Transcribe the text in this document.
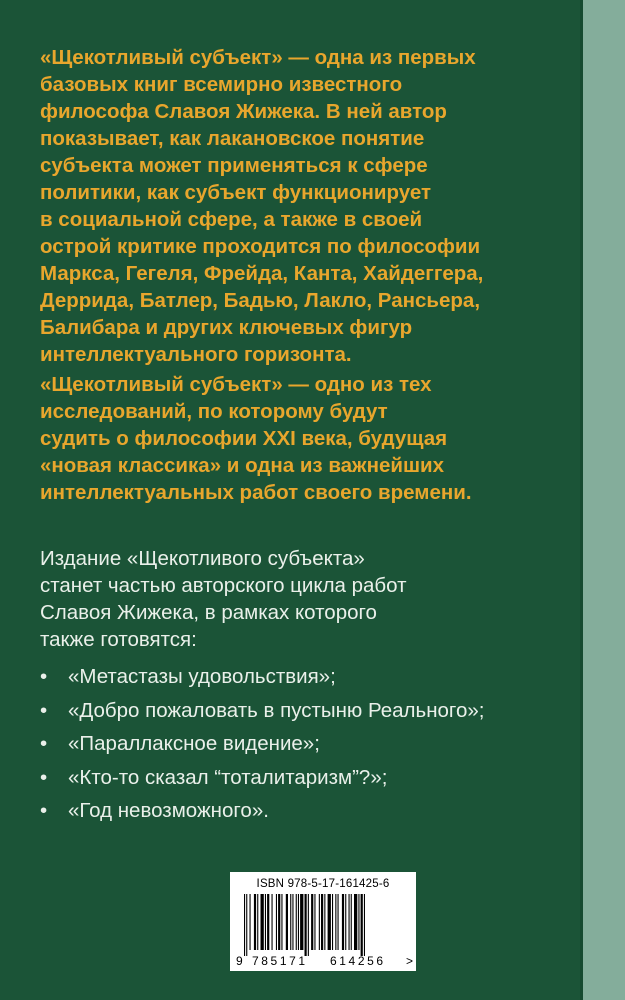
«Щекотливый субъект» — одна из первых
базовых книг всемирно известного
философа Славоя Жижека. В ней автор
показывает, как лакановское понятие
субъекта может применяться к сфере
политики, как субъект функционирует
в социальной сфере, а также в своей
острой критике проходится по философии
Маркса, Гегеля, Фрейда, Канта, Хайдеггера,
Деррида, Батлер, Бадью, Лакло, Рансьера,
Балибара и других ключевых фигур
интеллектуального горизонта.

«Щекотливый субъект» — одно из тех
исследований, по которому будут
судить о философии XXI века, будущая
«новая классика» и одна из важнейших
интеллектуальных работ своего времени.

Издание «Щекотливого субъекта»
станет частью авторского цикла работ
Славоя Жижека, в рамках которого
также готовятся:

• «Метастазы удовольствия»;
• «Добро пожаловать в пустыню Реального»;
• «Параллаксное видение»;
• «Кто-то сказал “тоталитаризм”?»;
• «Год невозможного».
ISBN 978-5-17-161425-6
9 785171 614256 >
